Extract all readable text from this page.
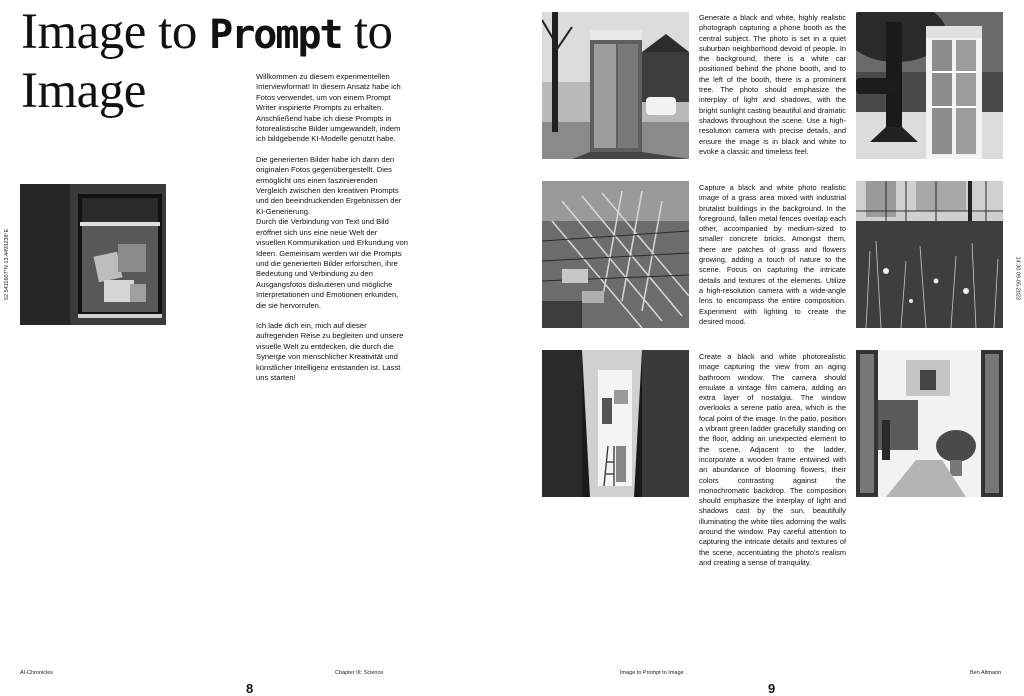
Image to Prompt to
Image	Willkommen zu diesem experimentellen Interviewformat! In diesem Ansatz habe ich Fotos verwendet, um von einem Prompt Writer inspirierte Prompts zu erhalten. Anschließend habe ich diese Prompts in fotorealistische Bilder umgewandelt, indem ich bildgebende KI-Modelle genutzt habe.

Die generierten Bilder habe ich dann den originalen Fotos gegenübergestellt. Dies ermöglicht uns einen faszinierenden Vergleich zwischen den kreativen Prompts und den beeindruckenden Ergebnissen der KI-Generierung.

Durch die Verbindung von Text und Bild eröffnet sich uns eine neue Welt der visuellen Kommunikation und Erkundung von Ideen. Gemeinsam werden wir die Prompts und die generierten Bilder erforschen, ihre Bedeutung und Verbindung zu den Ausgangsfotos diskutieren und mögliche Interpretationen und Emotionen erkunden, die sie hervorrufen.

Ich lade dich ein, mich auf dieser aufregenden Reise zu begleiten und unsere visuelle Welt zu entdecken, die durch die Synergie von menschlicher Kreativität und künstlicher Intelligenz entstanden ist. Lasst uns starten!

52.5411607°N 13.4493238°E
AI-Chronicles	Chapter III: Science
8

Generate a black and white, highly realistic photograph capturing a phone booth as the central subject. The photo is set in a quiet suburban neighborhood devoid of people. In the background, there is a white car positioned behind the phone booth, and to the left of the booth, there is a prominent tree. The photo should emphasize the interplay of light and shadows, with the bright sunlight casting beautiful and dramatic shadows throughout the scene. Use a high-resolution camera with precise details, and ensure the image is in black and white to evoke a classic and timeless feel.

Capture a black and white photo realistic image of a grass area mixed with industrial brutalist buildings in the background. In the foreground, fallen metal fences overlap each other, accompanied by medium-sized to smaller concrete bricks. Amongst them, there are patches of grass and flowers growing, adding a touch of nature to the scene. Focus on capturing the intricate details and textures of the elements. Utilize a high-resolution camera with a wide-angle lens to encompass the entire composition. Experiment with lighting to create the desired mood.

Create a black and white photorealistic image capturing the view from an aging bathroom window. The camera should emulate a vintage film camera, adding an extra layer of nostalgia. The window overlooks a serene patio area, which is the focal point of the image. In the patio, position a vibrant green ladder gracefully standing on the floor, adding an unexpected element to the scene. Adjacent to the ladder, incorporate a wooden frame entwined with an abundance of blooming flowers, their colors contrasting against the monochromatic backdrop. The composition should emphasize the interplay of light and shadows cast by the sun, beautifully illuminating the white tiles adorning the walls around the window. Pay careful attention to capturing the intricate details and textures of the scene, accentuating the photo's realism and creating a sense of tranquility.

14:30 09-05-2023
Image to Prompt to Image	Ben Altmann
9
